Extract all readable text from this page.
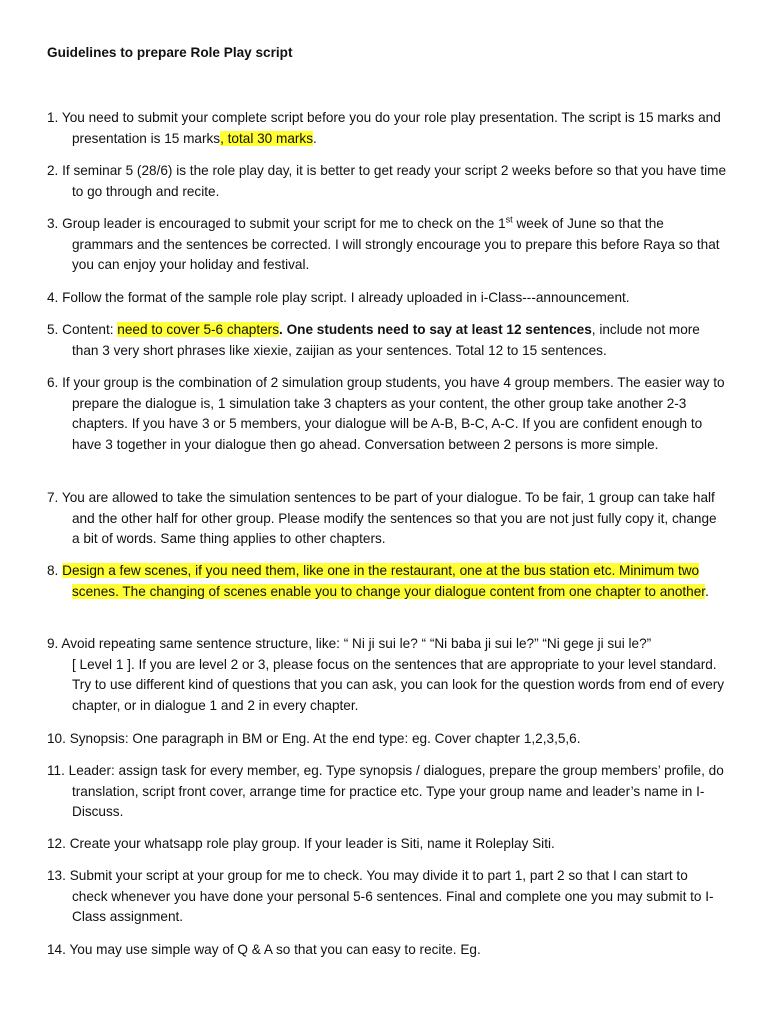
Guidelines to prepare Role Play script
1. You need to submit your complete script before you do your role play presentation. The script is 15 marks and presentation is 15 marks, total 30 marks.
2. If seminar 5 (28/6) is the role play day, it is better to get ready your script 2 weeks before so that you have time to go through and recite.
3. Group leader is encouraged to submit your script for me to check on the 1st week of June so that the grammars and the sentences be corrected. I will strongly encourage you to prepare this before Raya so that you can enjoy your holiday and festival.
4. Follow the format of the sample role play script. I already uploaded in i-Class---announcement.
5. Content: need to cover 5-6 chapters. One students need to say at least 12 sentences, include not more than 3 very short phrases like xiexie, zaijian as your sentences. Total 12 to 15 sentences.
6. If your group is the combination of 2 simulation group students, you have 4 group members. The easier way to prepare the dialogue is, 1 simulation take 3 chapters as your content, the other group take another 2-3 chapters. If you have 3 or 5 members, your dialogue will be A-B, B-C, A-C. If you are confident enough to have 3 together in your dialogue then go ahead. Conversation between 2 persons is more simple.
7. You are allowed to take the simulation sentences to be part of your dialogue. To be fair, 1 group can take half and the other half for other group. Please modify the sentences so that you are not just fully copy it, change a bit of words. Same thing applies to other chapters.
8. Design a few scenes, if you need them, like one in the restaurant, one at the bus station etc. Minimum two scenes. The changing of scenes enable you to change your dialogue content from one chapter to another.
9. Avoid repeating same sentence structure, like: “ Ni ji sui le? “ “Ni baba ji sui le?” “Ni gege ji sui le?”
[ Level 1 ]. If you are level 2 or 3, please focus on the sentences that are appropriate to your level standard. Try to use different kind of questions that you can ask, you can look for the question words from end of every chapter, or in dialogue 1 and 2 in every chapter.
10. Synopsis: One paragraph in BM or Eng. At the end type: eg. Cover chapter 1,2,3,5,6.
11. Leader: assign task for every member, eg. Type synopsis / dialogues, prepare the group members’ profile, do translation, script front cover, arrange time for practice etc. Type your group name and leader’s name in I-Discuss.
12. Create your whatsapp role play group. If your leader is Siti, name it Roleplay Siti.
13. Submit your script at your group for me to check. You may divide it to part 1, part 2 so that I can start to check whenever you have done your personal 5-6 sentences. Final and complete one you may submit to I-Class assignment.
14. You may use simple way of Q & A so that you can easy to recite. Eg.
